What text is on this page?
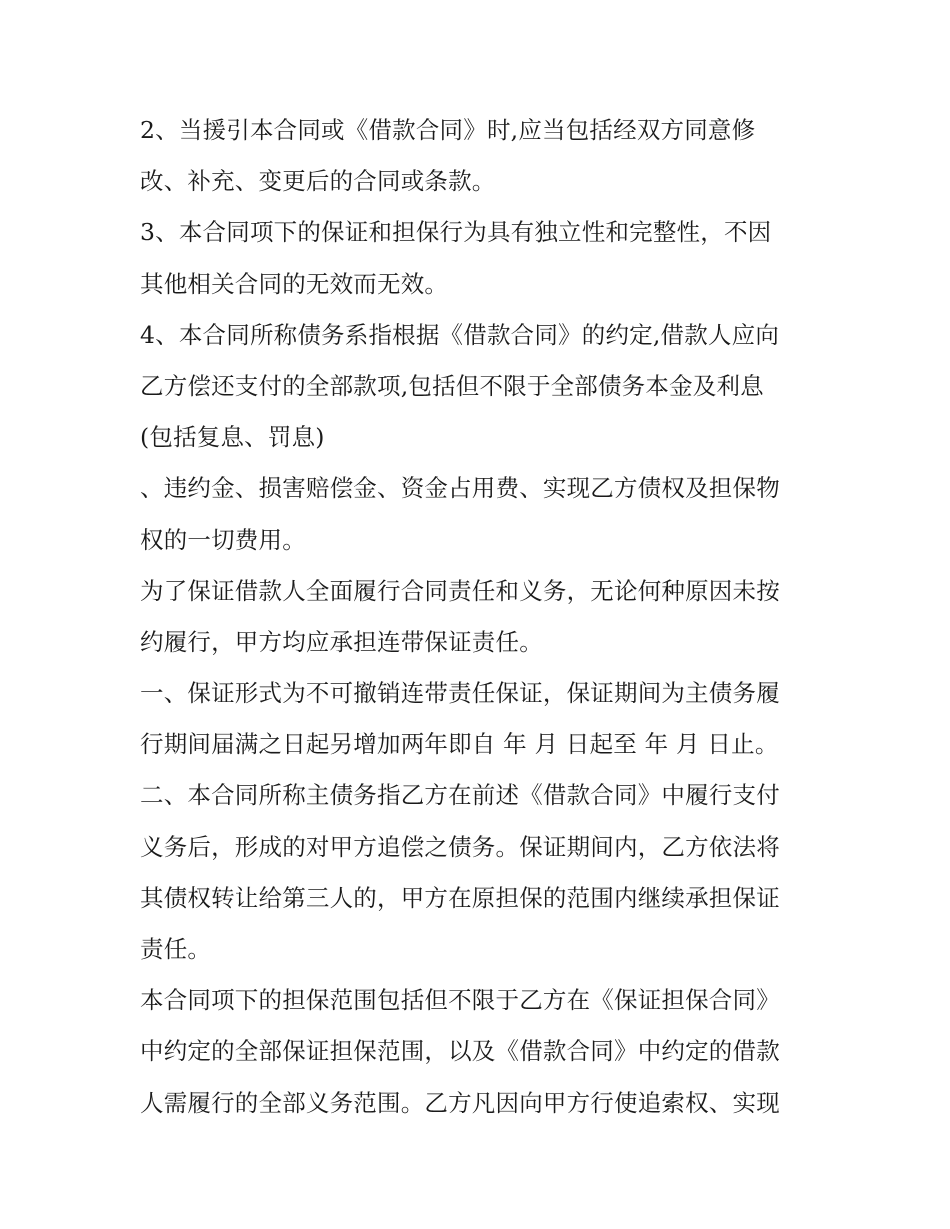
2、当援引本合同或《借款合同》时,应当包括经双方同意修
改、补充、变更后的合同或条款。
3、本合同项下的保证和担保行为具有独立性和完整性，不因
其他相关合同的无效而无效。
4、本合同所称债务系指根据《借款合同》的约定,借款人应向
乙方偿还支付的全部款项,包括但不限于全部债务本金及利息
(包括复息、罚息)
、违约金、损害赔偿金、资金占用费、实现乙方债权及担保物
权的一切费用。
为了保证借款人全面履行合同责任和义务，无论何种原因未按
约履行，甲方均应承担连带保证责任。
一、保证形式为不可撤销连带责任保证，保证期间为主债务履
行期间届满之日起另增加两年即自 年 月 日起至 年 月 日止。
二、本合同所称主债务指乙方在前述《借款合同》中履行支付
义务后，形成的对甲方追偿之债务。保证期间内，乙方依法将
其债权转让给第三人的，甲方在原担保的范围内继续承担保证
责任。
本合同项下的担保范围包括但不限于乙方在《保证担保合同》
中约定的全部保证担保范围，以及《借款合同》中约定的借款
人需履行的全部义务范围。乙方凡因向甲方行使追索权、实现
